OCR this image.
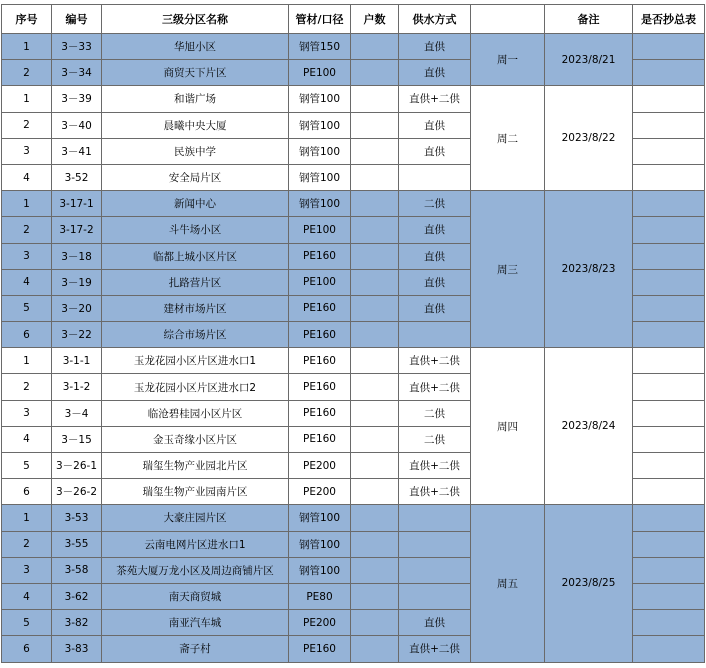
序号	编号	三级分区名称	管材/口径	户数	供水方式		备注	是否抄总表
1	3－33	华旭小区	钢管150		直供	周一	2023/8/21	
2	3－34	商贸天下片区	PE100		直供			
1	3－39	和谐广场	钢管100		直供+二供	周二	2023/8/22	
2	3－40	晨曦中央大厦	钢管100		直供			
3	3－41	民族中学	钢管100		直供			
4	3-52	安全局片区	钢管100					
1	3-17-1	新闻中心	钢管100		二供	周三	2023/8/23	
2	3-17-2	斗牛场小区	PE100		直供			
3	3－18	临都上城小区片区	PE160		直供			
4	3－19	扎路营片区	PE100		直供			
5	3－20	建材市场片区	PE160		直供			
6	3－22	综合市场片区	PE160					
1	3-1-1	玉龙花园小区片区进水口1	PE160		直供+二供	周四	2023/8/24	
2	3-1-2	玉龙花园小区片区进水口2	PE160		直供+二供			
3	3－4	临沧碧桂园小区片区	PE160		二供			
4	3－15	金玉奇缘小区片区	PE160		二供			
5	3－26-1	瑞玺生物产业园北片区	PE200		直供+二供			
6	3－26-2	瑞玺生物产业园南片区	PE200		直供+二供			
1	3-53	大豪庄园片区	钢管100			周五	2023/8/25	
2	3-55	云南电网片区进水口1	钢管100					
3	3-58	茶苑大厦万龙小区及周边商铺片区	钢管100					
4	3-62	南天商贸城	PE80					
5	3-82	南亚汽车城	PE200		直供			
6	3-83	斋子村	PE160		直供+二供			
